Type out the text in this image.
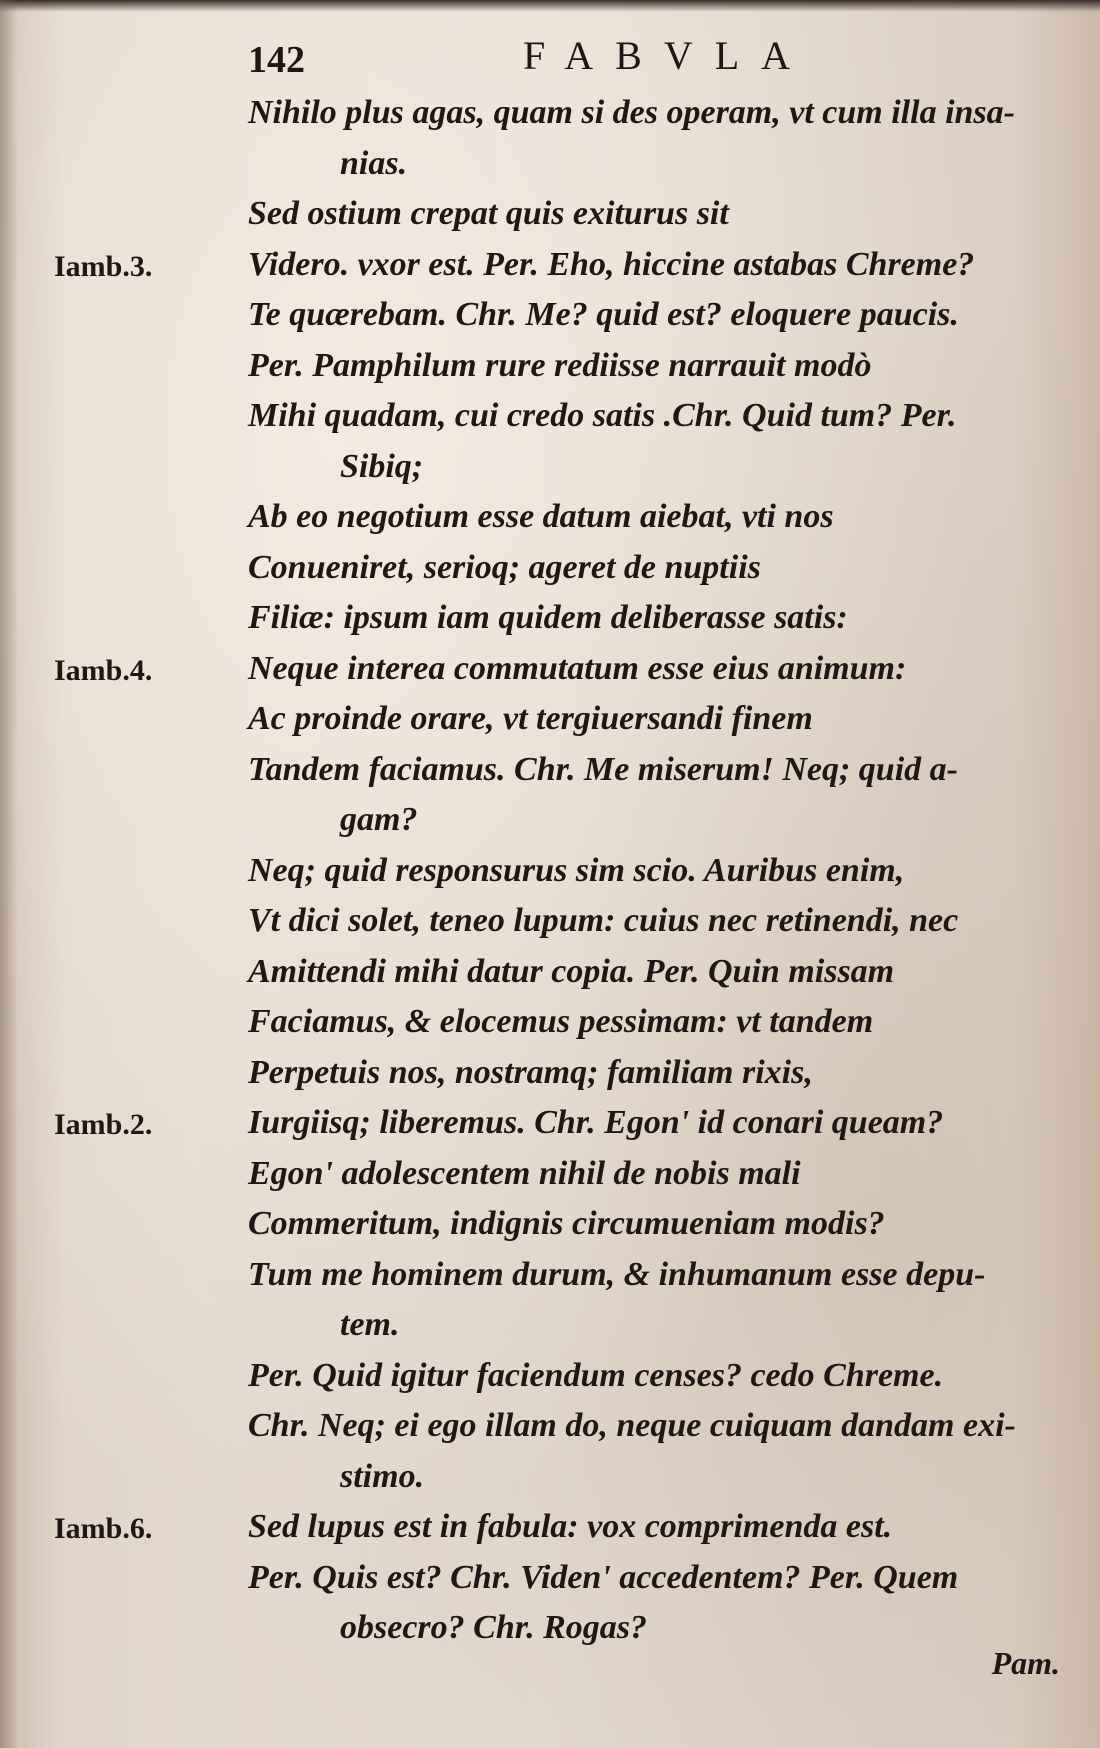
142	FABVLA
Nihilo plus agas, quam si des operam, vt cum illa insa-
nias.
Sed ostium crepat quis exiturus sit
Iamb.3.	Videro. vxor est. Per. Eho, hiccine astabas Chreme?
Te quærebam. Chr. Me? quid est? eloquere paucis.
Per. Pamphilum rure rediisse narrauit modò
Mihi quadam, cui credo satis .Chr. Quid tum? Per.
Sibiq;
Ab eo negotium esse datum aiebat, vti nos
Conueniret, serioq; ageret de nuptiis
Filiæ: ipsum iam quidem deliberasse satis:
Iamb.4.	Neque interea commutatum esse eius animum:
Ac proinde orare, vt tergiuersandi finem
Tandem faciamus. Chr. Me miserum! Neq; quid a-
gam?
Neq; quid responsurus sim scio. Auribus enim,
Vt dici solet, teneo lupum: cuius nec retinendi, nec
Amittendi mihi datur copia. Per. Quin missam
Faciamus, & elocemus pessimam: vt tandem
Perpetuis nos, nostramq; familiam rixis,
Iamb.2.	Iurgiisq; liberemus. Chr. Egon' id conari queam?
Egon' adolescentem nihil de nobis mali
Commeritum, indignis circumueniam modis?
Tum me hominem durum, & inhumanum esse depu-
tem.
Per. Quid igitur faciendum censes? cedo Chreme.
Chr. Neq; ei ego illam do, neque cuiquam dandam exi-
stimo.
Iamb.6.	Sed lupus est in fabula: vox comprimenda est.
Per. Quis est? Chr. Viden' accedentem? Per. Quem
obsecro? Chr. Rogas?
Pam.
